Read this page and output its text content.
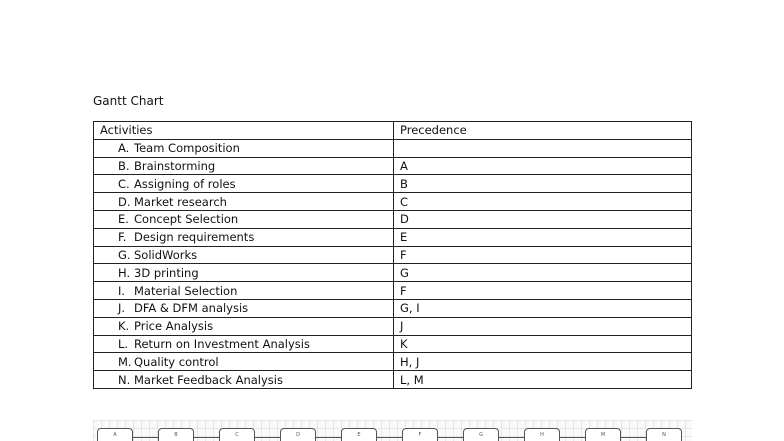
Gantt Chart
Activities	Precedence
A. Team Composition	
B. Brainstorming	A
C. Assigning of roles	B
D. Market research	C
E. Concept Selection	D
F. Design requirements	E
G. SolidWorks	F
H. 3D printing	G
I. Material Selection	F
J. DFA & DFM analysis	G, I
K. Price Analysis	J
L. Return on Investment Analysis	K
M. Quality control	H, J
N. Market Feedback Analysis	L, M
A	B	C	D	E	F	G	H	M	N
